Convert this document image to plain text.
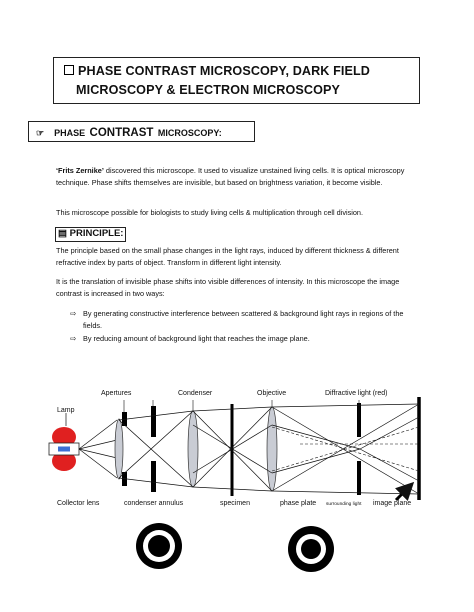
PHASE CONTRAST MICROSCOPY, DARK FIELD
MICROSCOPY & ELECTRON MICROSCOPY
☞ PHASE CONTRAST MICROSCOPY:
‘Frits Zernike’ discovered this microscope. It used to visualize unstained living cells. It is optical microscopy technique. Phase shifts themselves are invisible, but based on brightness variation, it become visible.
This microscope possible for biologists to study living cells & multiplication through cell division.
▤ PRINCIPLE:
The principle based on the small phase changes in the light rays, induced by different thickness & different refractive index by parts of object. Transform in different light intensity.
It is the translation of invisible phase shifts into visible differences of intensity. In this microscope the image contrast is increased in two ways:
⇨ By generating constructive interference between scattered & background light rays in regions of the fields.
⇨ By reducing amount of background light that reaches the image plane.
Apertures	Condenser	Objective	Diffractive light (red)
Lamp
Collector lens	condenser annulus	specimen	phase plate surrounding light image plane
